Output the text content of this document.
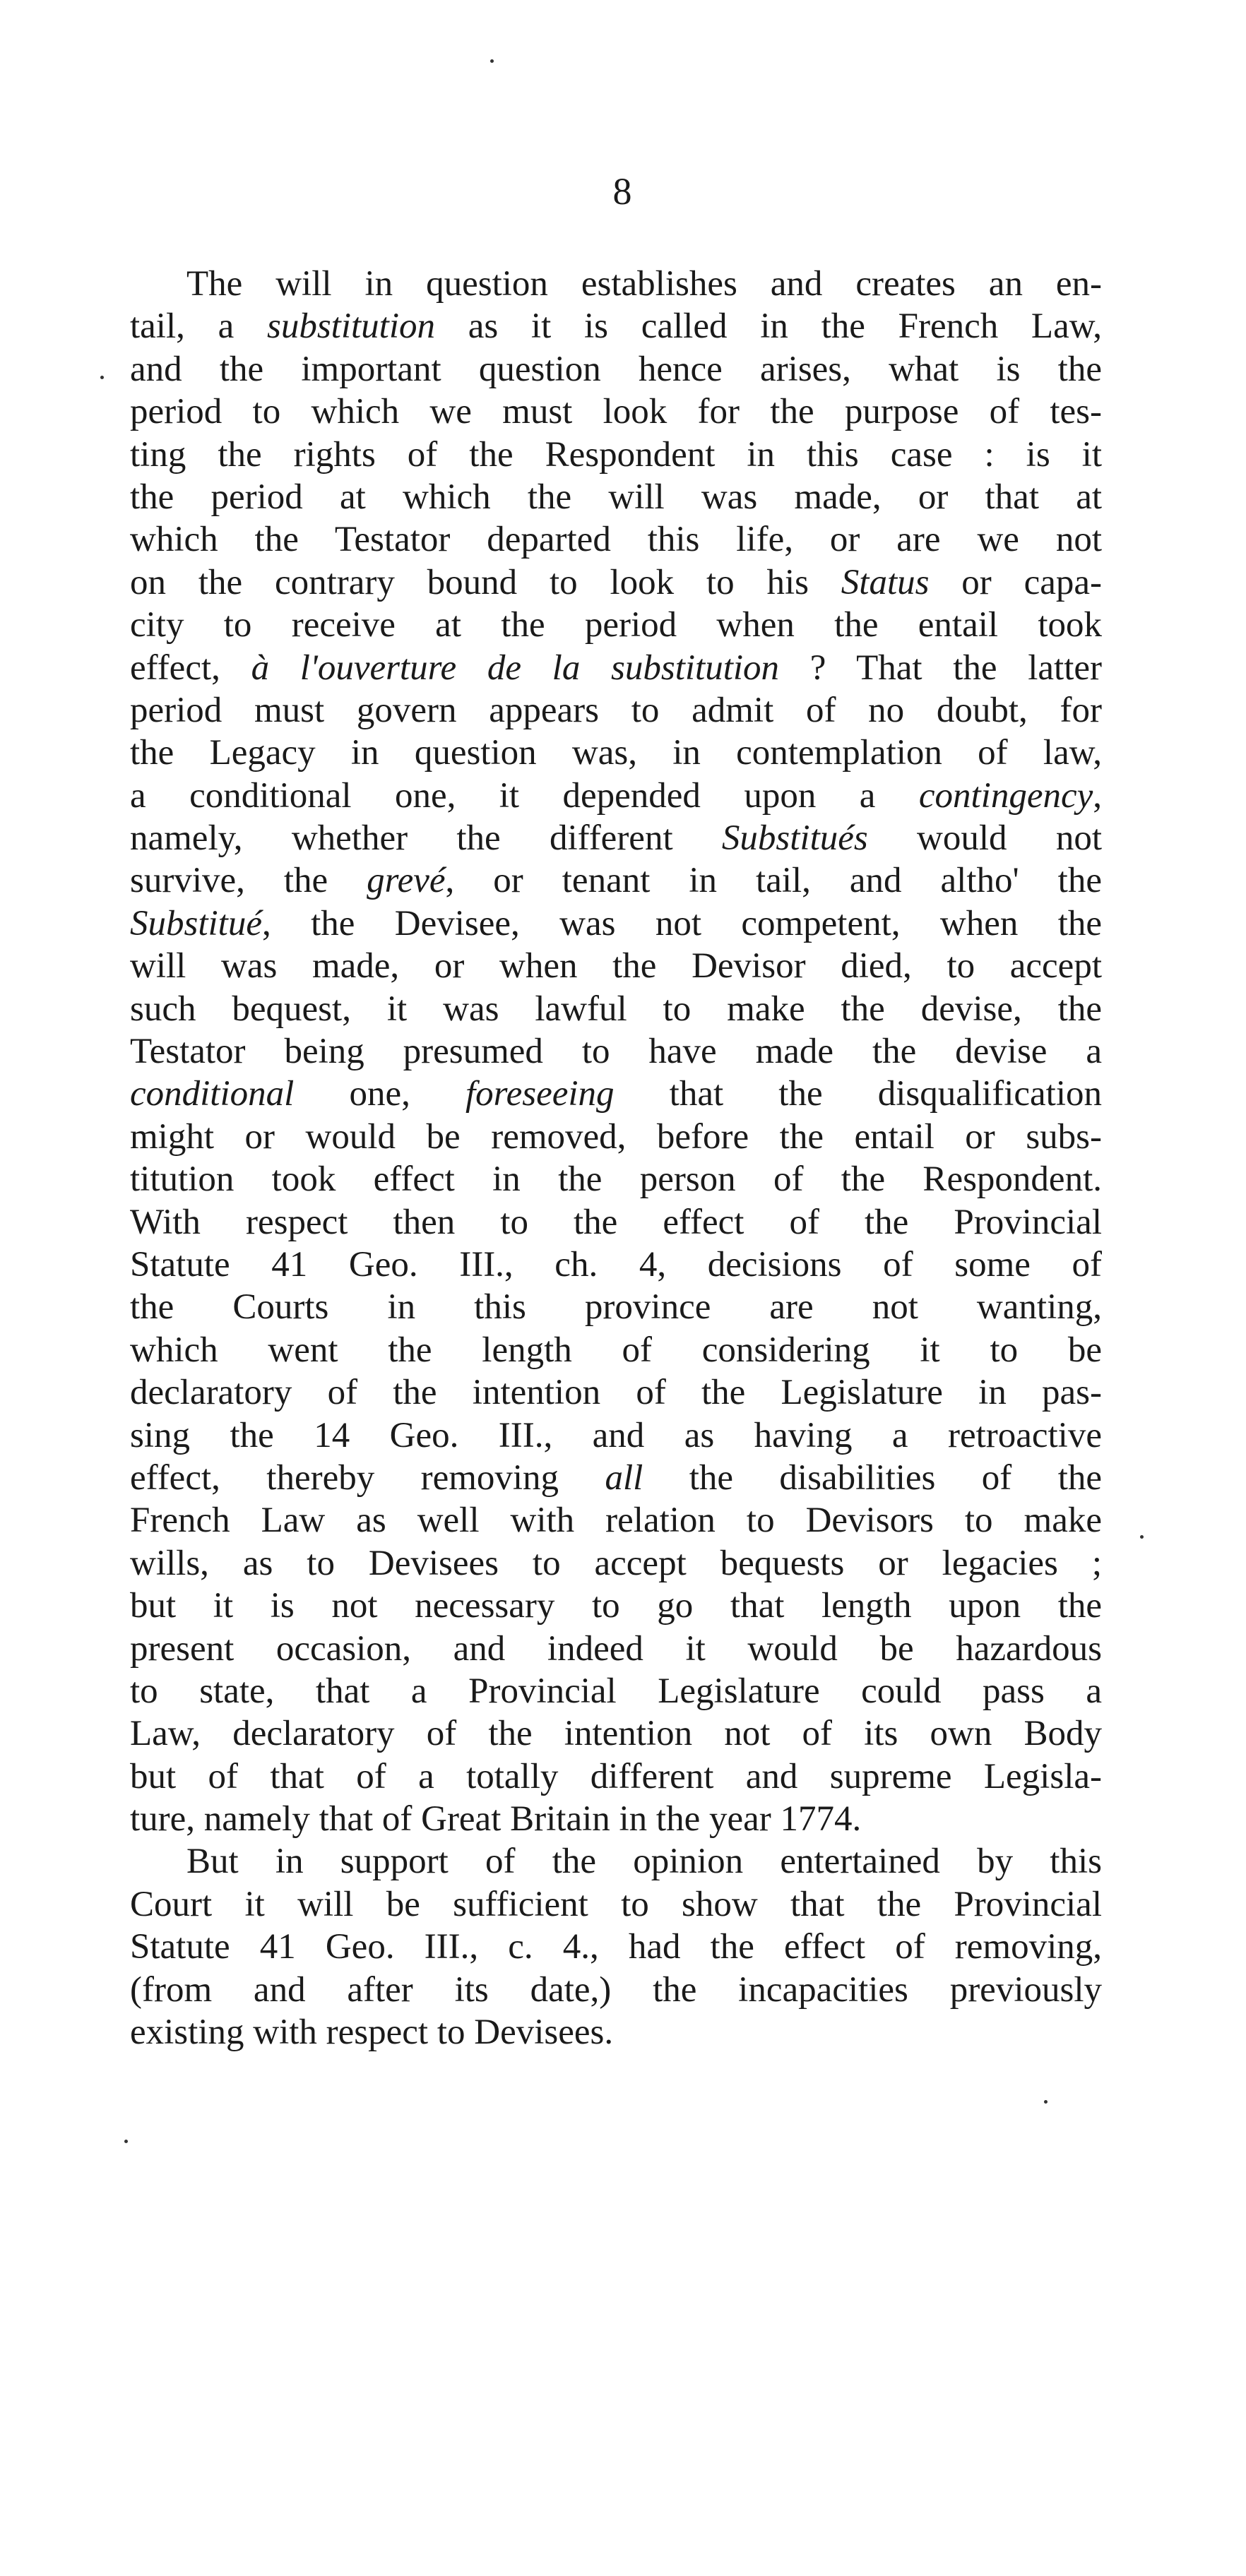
8
The will in question establishes and creates an en-
tail, a substitution as it is called in the French Law,
and the important question hence arises, what is the
period to which we must look for the purpose of tes-
ting the rights of the Respondent in this case : is it
the period at which the will was made, or that at
which the Testator departed this life, or are we not
on the contrary bound to look to his Status or capa-
city to receive at the period when the entail took
effect, à l'ouverture de la substitution ? That the latter
period must govern appears to admit of no doubt, for
the Legacy in question was, in contemplation of law,
a conditional one, it depended upon a contingency,
namely, whether the different Substitués would not
survive, the grevé, or tenant in tail, and altho' the
Substitué, the Devisee, was not competent, when the
will was made, or when the Devisor died, to accept
such bequest, it was lawful to make the devise, the
Testator being presumed to have made the devise a
conditional one, foreseeing that the disqualification
might or would be removed, before the entail or subs-
titution took effect in the person of the Respondent.
With respect then to the effect of the Provincial
Statute 41 Geo. III., ch. 4, decisions of some of
the Courts in this province are not wanting,
which went the length of considering it to be
declaratory of the intention of the Legislature in pas-
sing the 14 Geo. III., and as having a retroactive
effect, thereby removing all the disabilities of the
French Law as well with relation to Devisors to make
wills, as to Devisees to accept bequests or legacies ;
but it is not necessary to go that length upon the
present occasion, and indeed it would be hazardous
to state, that a Provincial Legislature could pass a
Law, declaratory of the intention not of its own Body
but of that of a totally different and supreme Legisla-
ture, namely that of Great Britain in the year 1774.
But in support of the opinion entertained by this
Court it will be sufficient to show that the Provincial
Statute 41 Geo. III., c. 4., had the effect of removing,
(from and after its date,) the incapacities previously
existing with respect to Devisees.
